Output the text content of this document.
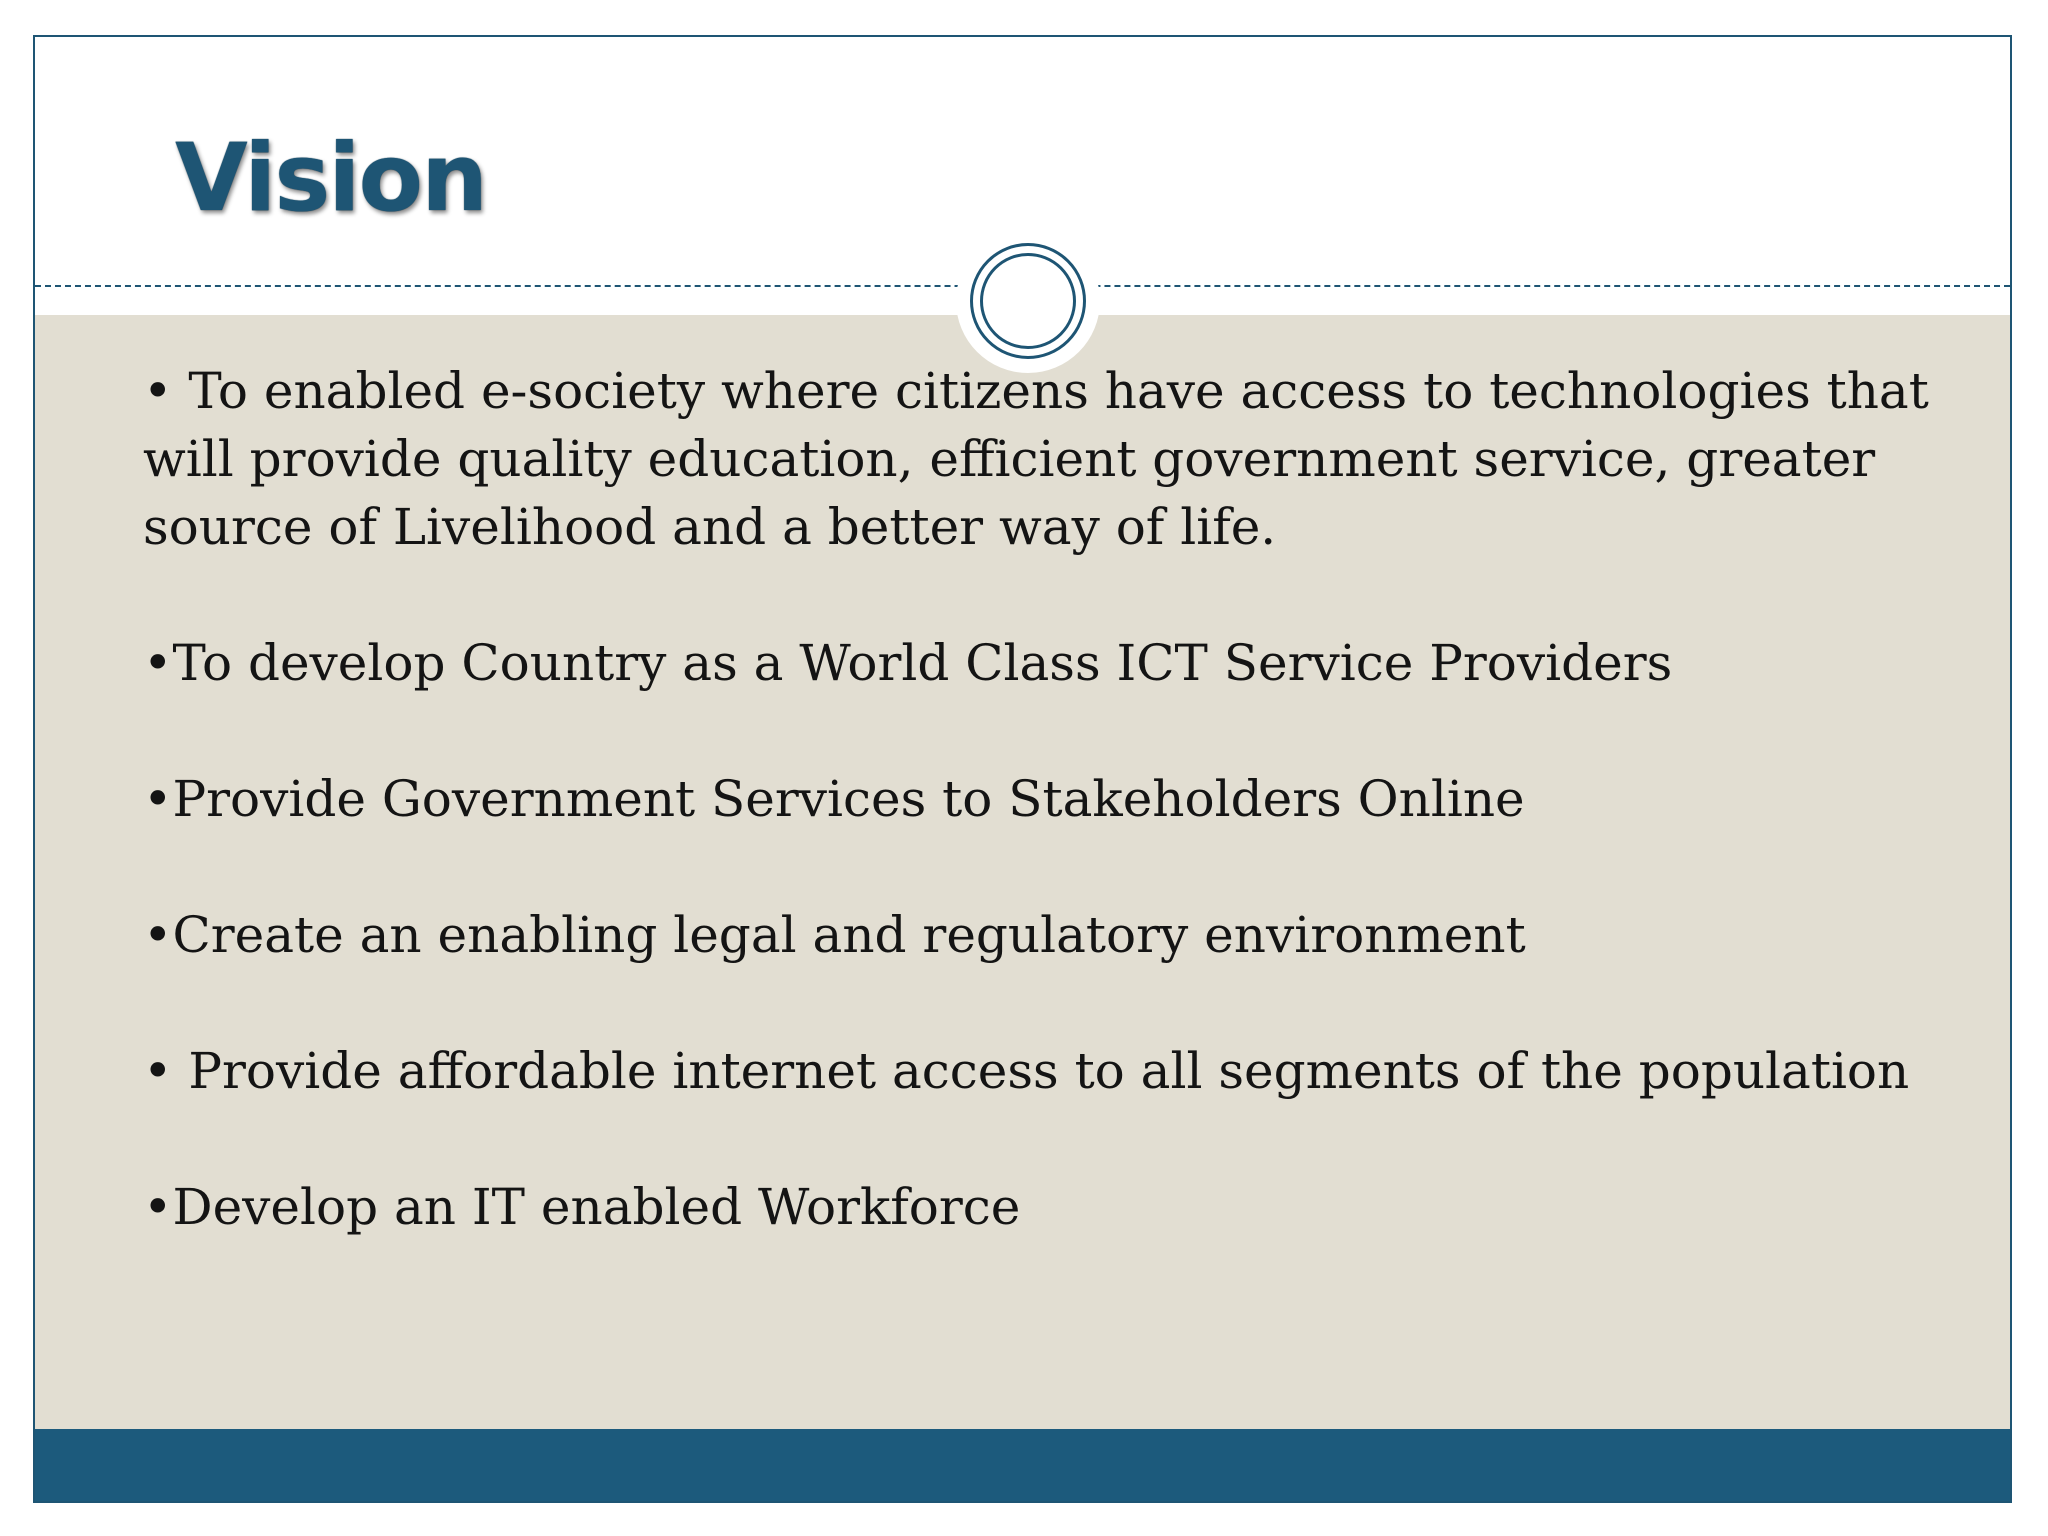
Vision

• To enabled e-society where citizens have access to technologies that will provide quality education, efficient government service, greater source of Livelihood and a better way of life.

•To develop Country as a World Class ICT Service Providers

•Provide Government Services to Stakeholders Online

•Create an enabling legal and regulatory environment

• Provide affordable internet access to all segments of the population

•Develop an IT enabled Workforce
